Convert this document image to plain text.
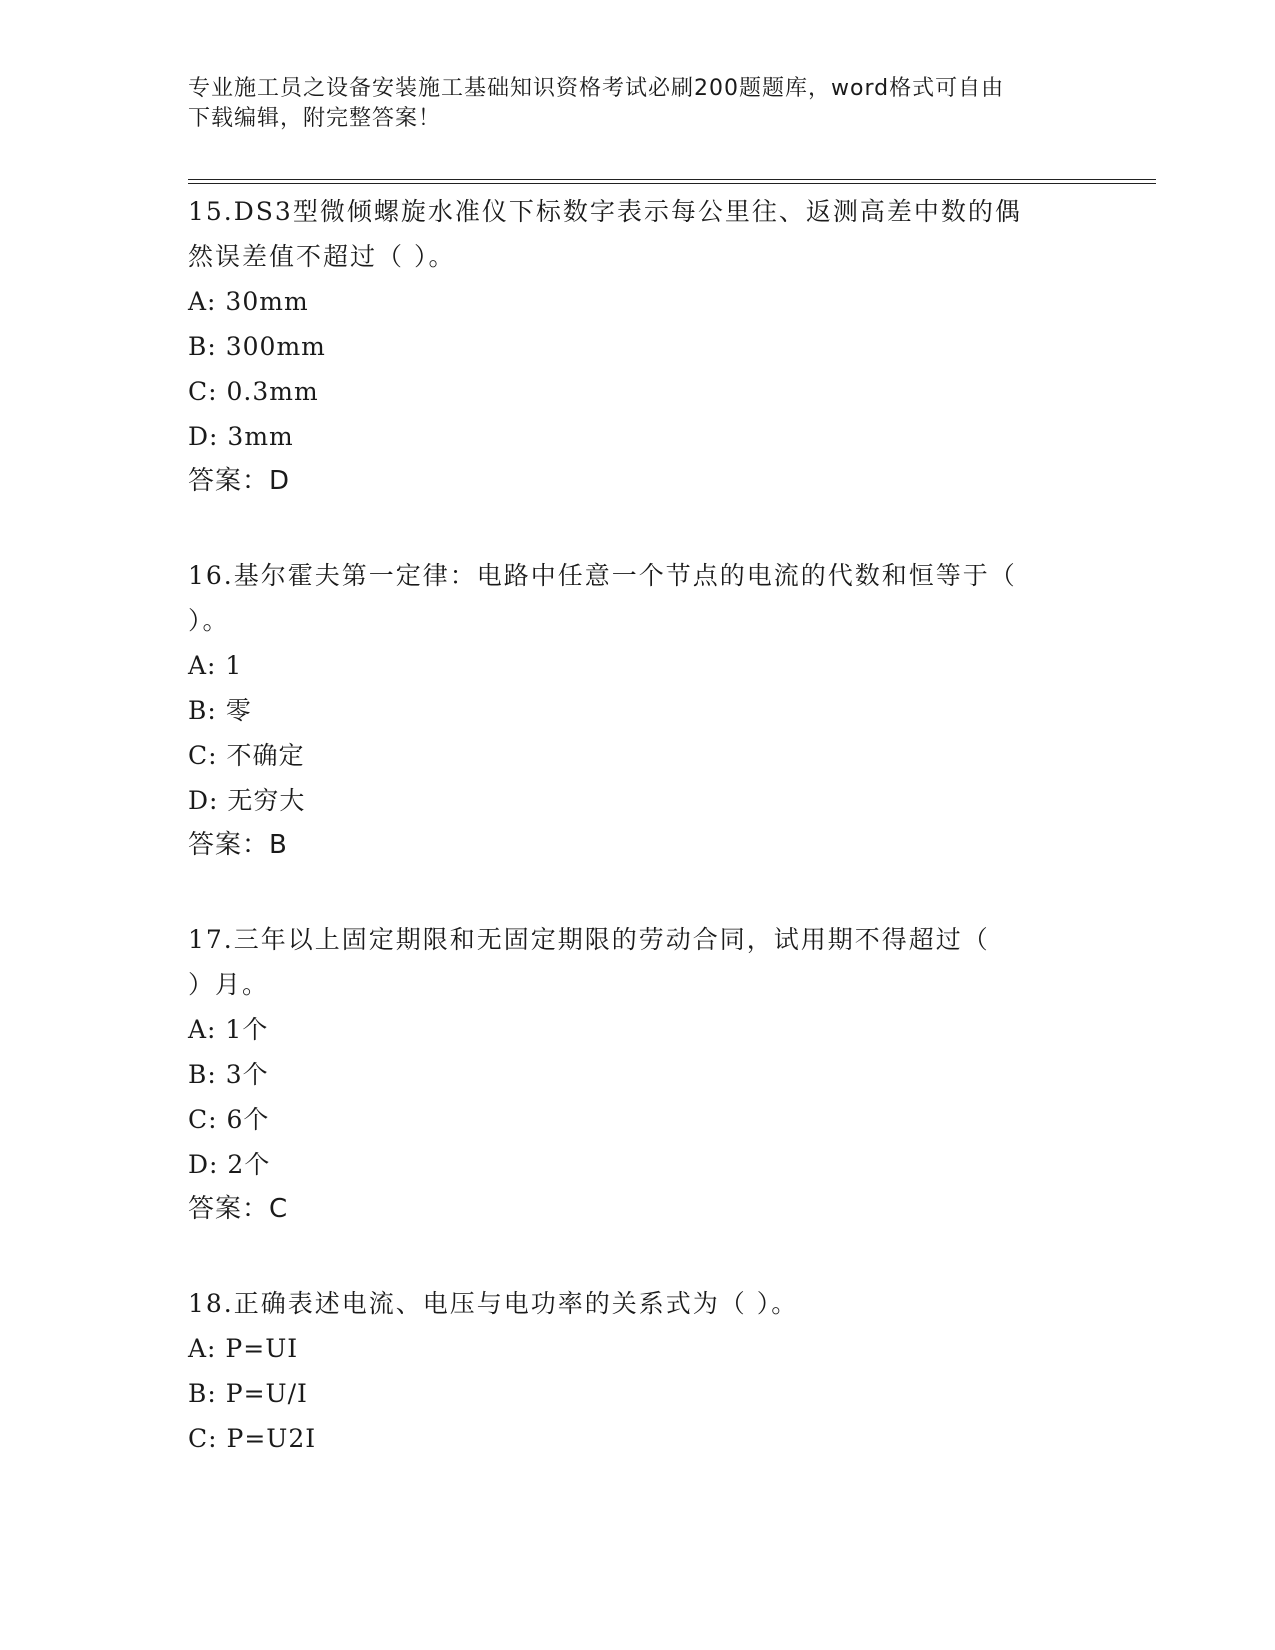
专业施工员之设备安装施工基础知识资格考试必刷200题题库，word格式可自由
下载编辑，附完整答案！

15.DS3型微倾螺旋水准仪下标数字表示每公里往、返测高差中数的偶

然误差值不超过（ ）。

A: 30mm

B: 300mm

C: 0.3mm

D: 3mm

答案：D

16.基尔霍夫第一定律：电路中任意一个节点的电流的代数和恒等于（

）。

A: 1

B: 零

C: 不确定

D: 无穷大

答案：B

17.三年以上固定期限和无固定期限的劳动合同，试用期不得超过（

）月。

A: 1个

B: 3个

C: 6个

D: 2个

答案：C

18.正确表述电流、电压与电功率的关系式为（ ）。

A: P=UI

B: P=U/I

C: P=U2I
